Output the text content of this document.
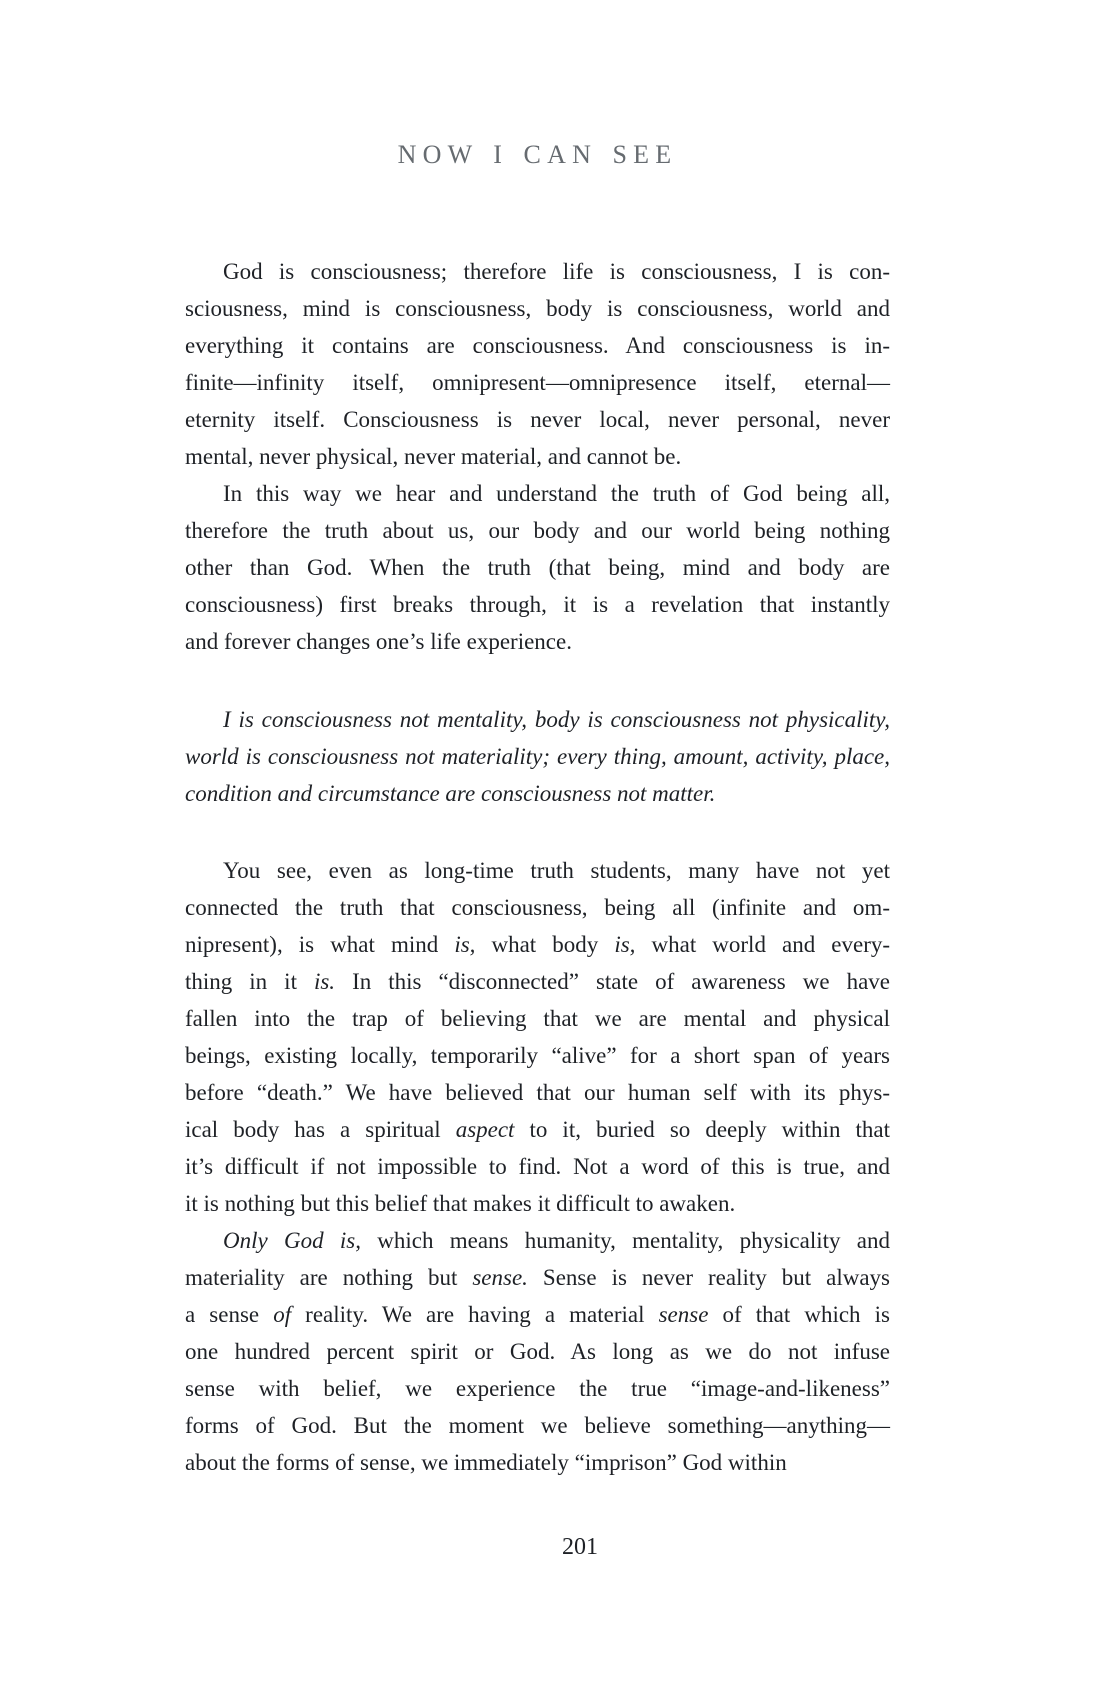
NOW I CAN SEE
God is consciousness; therefore life is consciousness, I is con-
sciousness, mind is consciousness, body is consciousness, world and
everything it contains are consciousness. And consciousness is in-
finite—infinity itself, omnipresent—omnipresence itself, eternal—
eternity itself. Consciousness is never local, never personal, never
mental, never physical, never material, and cannot be.
In this way we hear and understand the truth of God being all,
therefore the truth about us, our body and our world being nothing
other than God. When the truth (that being, mind and body are
consciousness) first breaks through, it is a revelation that instantly
and forever changes one’s life experience.
I is consciousness not mentality, body is consciousness not physicality,
world is consciousness not materiality; every thing, amount, activity, place,
condition and circumstance are consciousness not matter.
You see, even as long-time truth students, many have not yet
connected the truth that consciousness, being all (infinite and om-
nipresent), is what mind is, what body is, what world and every-
thing in it is. In this “disconnected” state of awareness we have
fallen into the trap of believing that we are mental and physical
beings, existing locally, temporarily “alive” for a short span of years
before “death.” We have believed that our human self with its phys-
ical body has a spiritual aspect to it, buried so deeply within that
it’s difficult if not impossible to find. Not a word of this is true, and
it is nothing but this belief that makes it difficult to awaken.
Only God is, which means humanity, mentality, physicality and
materiality are nothing but sense. Sense is never reality but always
a sense of reality. We are having a material sense of that which is
one hundred percent spirit or God. As long as we do not infuse
sense with belief, we experience the true “image-and-likeness”
forms of God. But the moment we believe something—anything—
about the forms of sense, we immediately “imprison” God within
201
